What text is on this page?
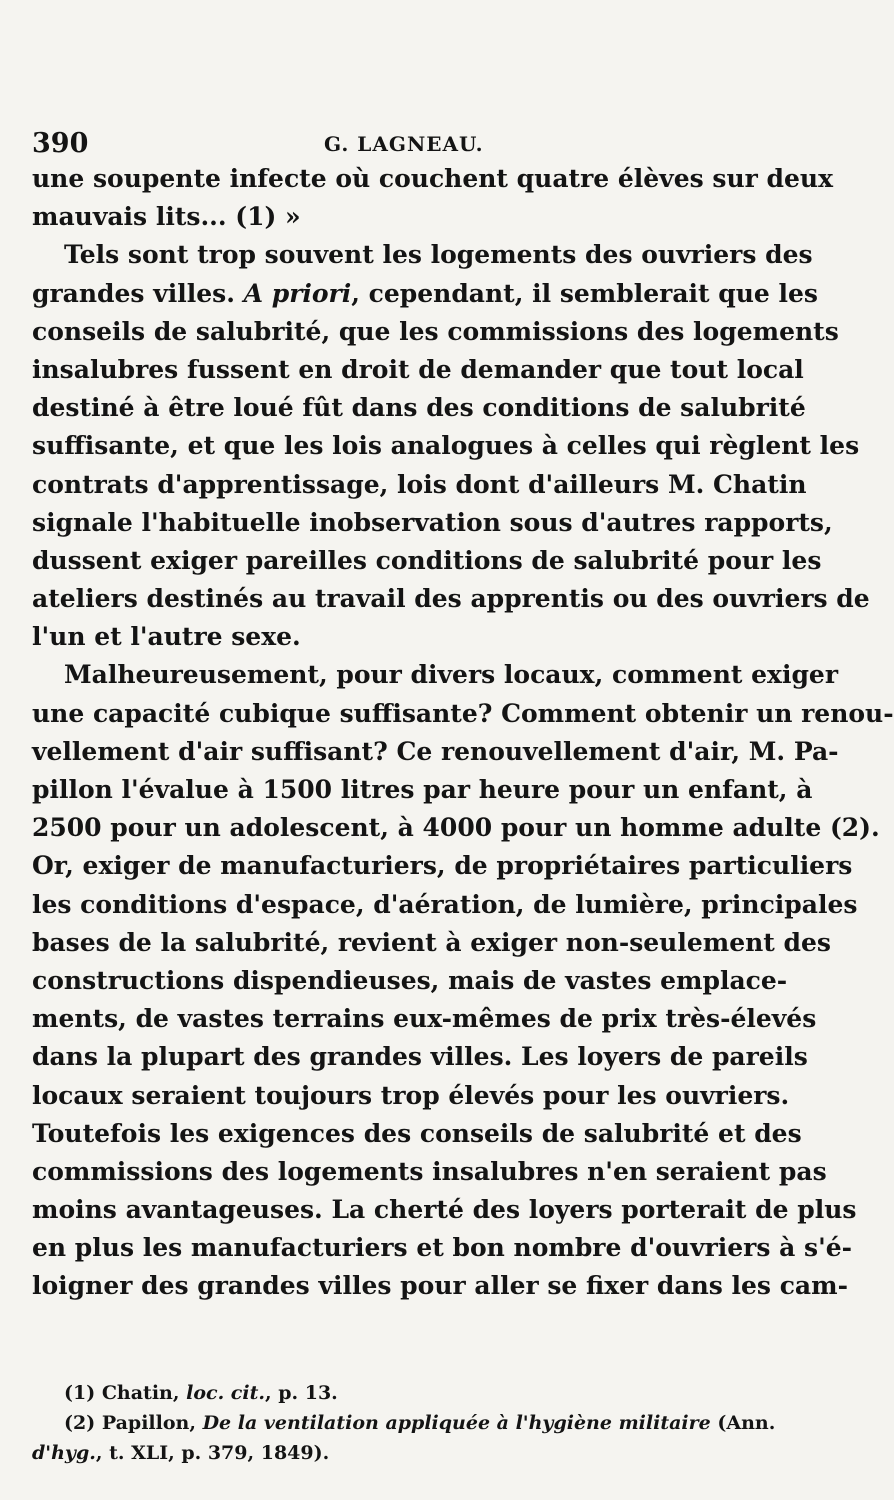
390	G. LAGNEAU.
une soupente infecte où couchent quatre élèves sur deux
mauvais lits... (1) »
Tels sont trop souvent les logements des ouvriers des
grandes villes. A priori, cependant, il semblerait que les
conseils de salubrité, que les commissions des logements
insalubres fussent en droit de demander que tout local
destiné à être loué fût dans des conditions de salubrité
suffisante, et que les lois analogues à celles qui règlent les
contrats d'apprentissage, lois dont d'ailleurs M. Chatin
signale l'habituelle inobservation sous d'autres rapports,
dussent exiger pareilles conditions de salubrité pour les
ateliers destinés au travail des apprentis ou des ouvriers de
l'un et l'autre sexe.
Malheureusement, pour divers locaux, comment exiger
une capacité cubique suffisante? Comment obtenir un renou-
vellement d'air suffisant? Ce renouvellement d'air, M. Pa-
pillon l'évalue à 1500 litres par heure pour un enfant, à
2500 pour un adolescent, à 4000 pour un homme adulte (2).
Or, exiger de manufacturiers, de propriétaires particuliers
les conditions d'espace, d'aération, de lumière, principales
bases de la salubrité, revient à exiger non-seulement des
constructions dispendieuses, mais de vastes emplace-
ments, de vastes terrains eux-mêmes de prix très-élevés
dans la plupart des grandes villes. Les loyers de pareils
locaux seraient toujours trop élevés pour les ouvriers.
Toutefois les exigences des conseils de salubrité et des
commissions des logements insalubres n'en seraient pas
moins avantageuses. La cherté des loyers porterait de plus
en plus les manufacturiers et bon nombre d'ouvriers à s'é-
loigner des grandes villes pour aller se fixer dans les cam-
(1) Chatin, loc. cit., p. 13.
(2) Papillon, De la ventilation appliquée à l'hygiène militaire (Ann.
d'hyg., t. XLI, p. 379, 1849).
